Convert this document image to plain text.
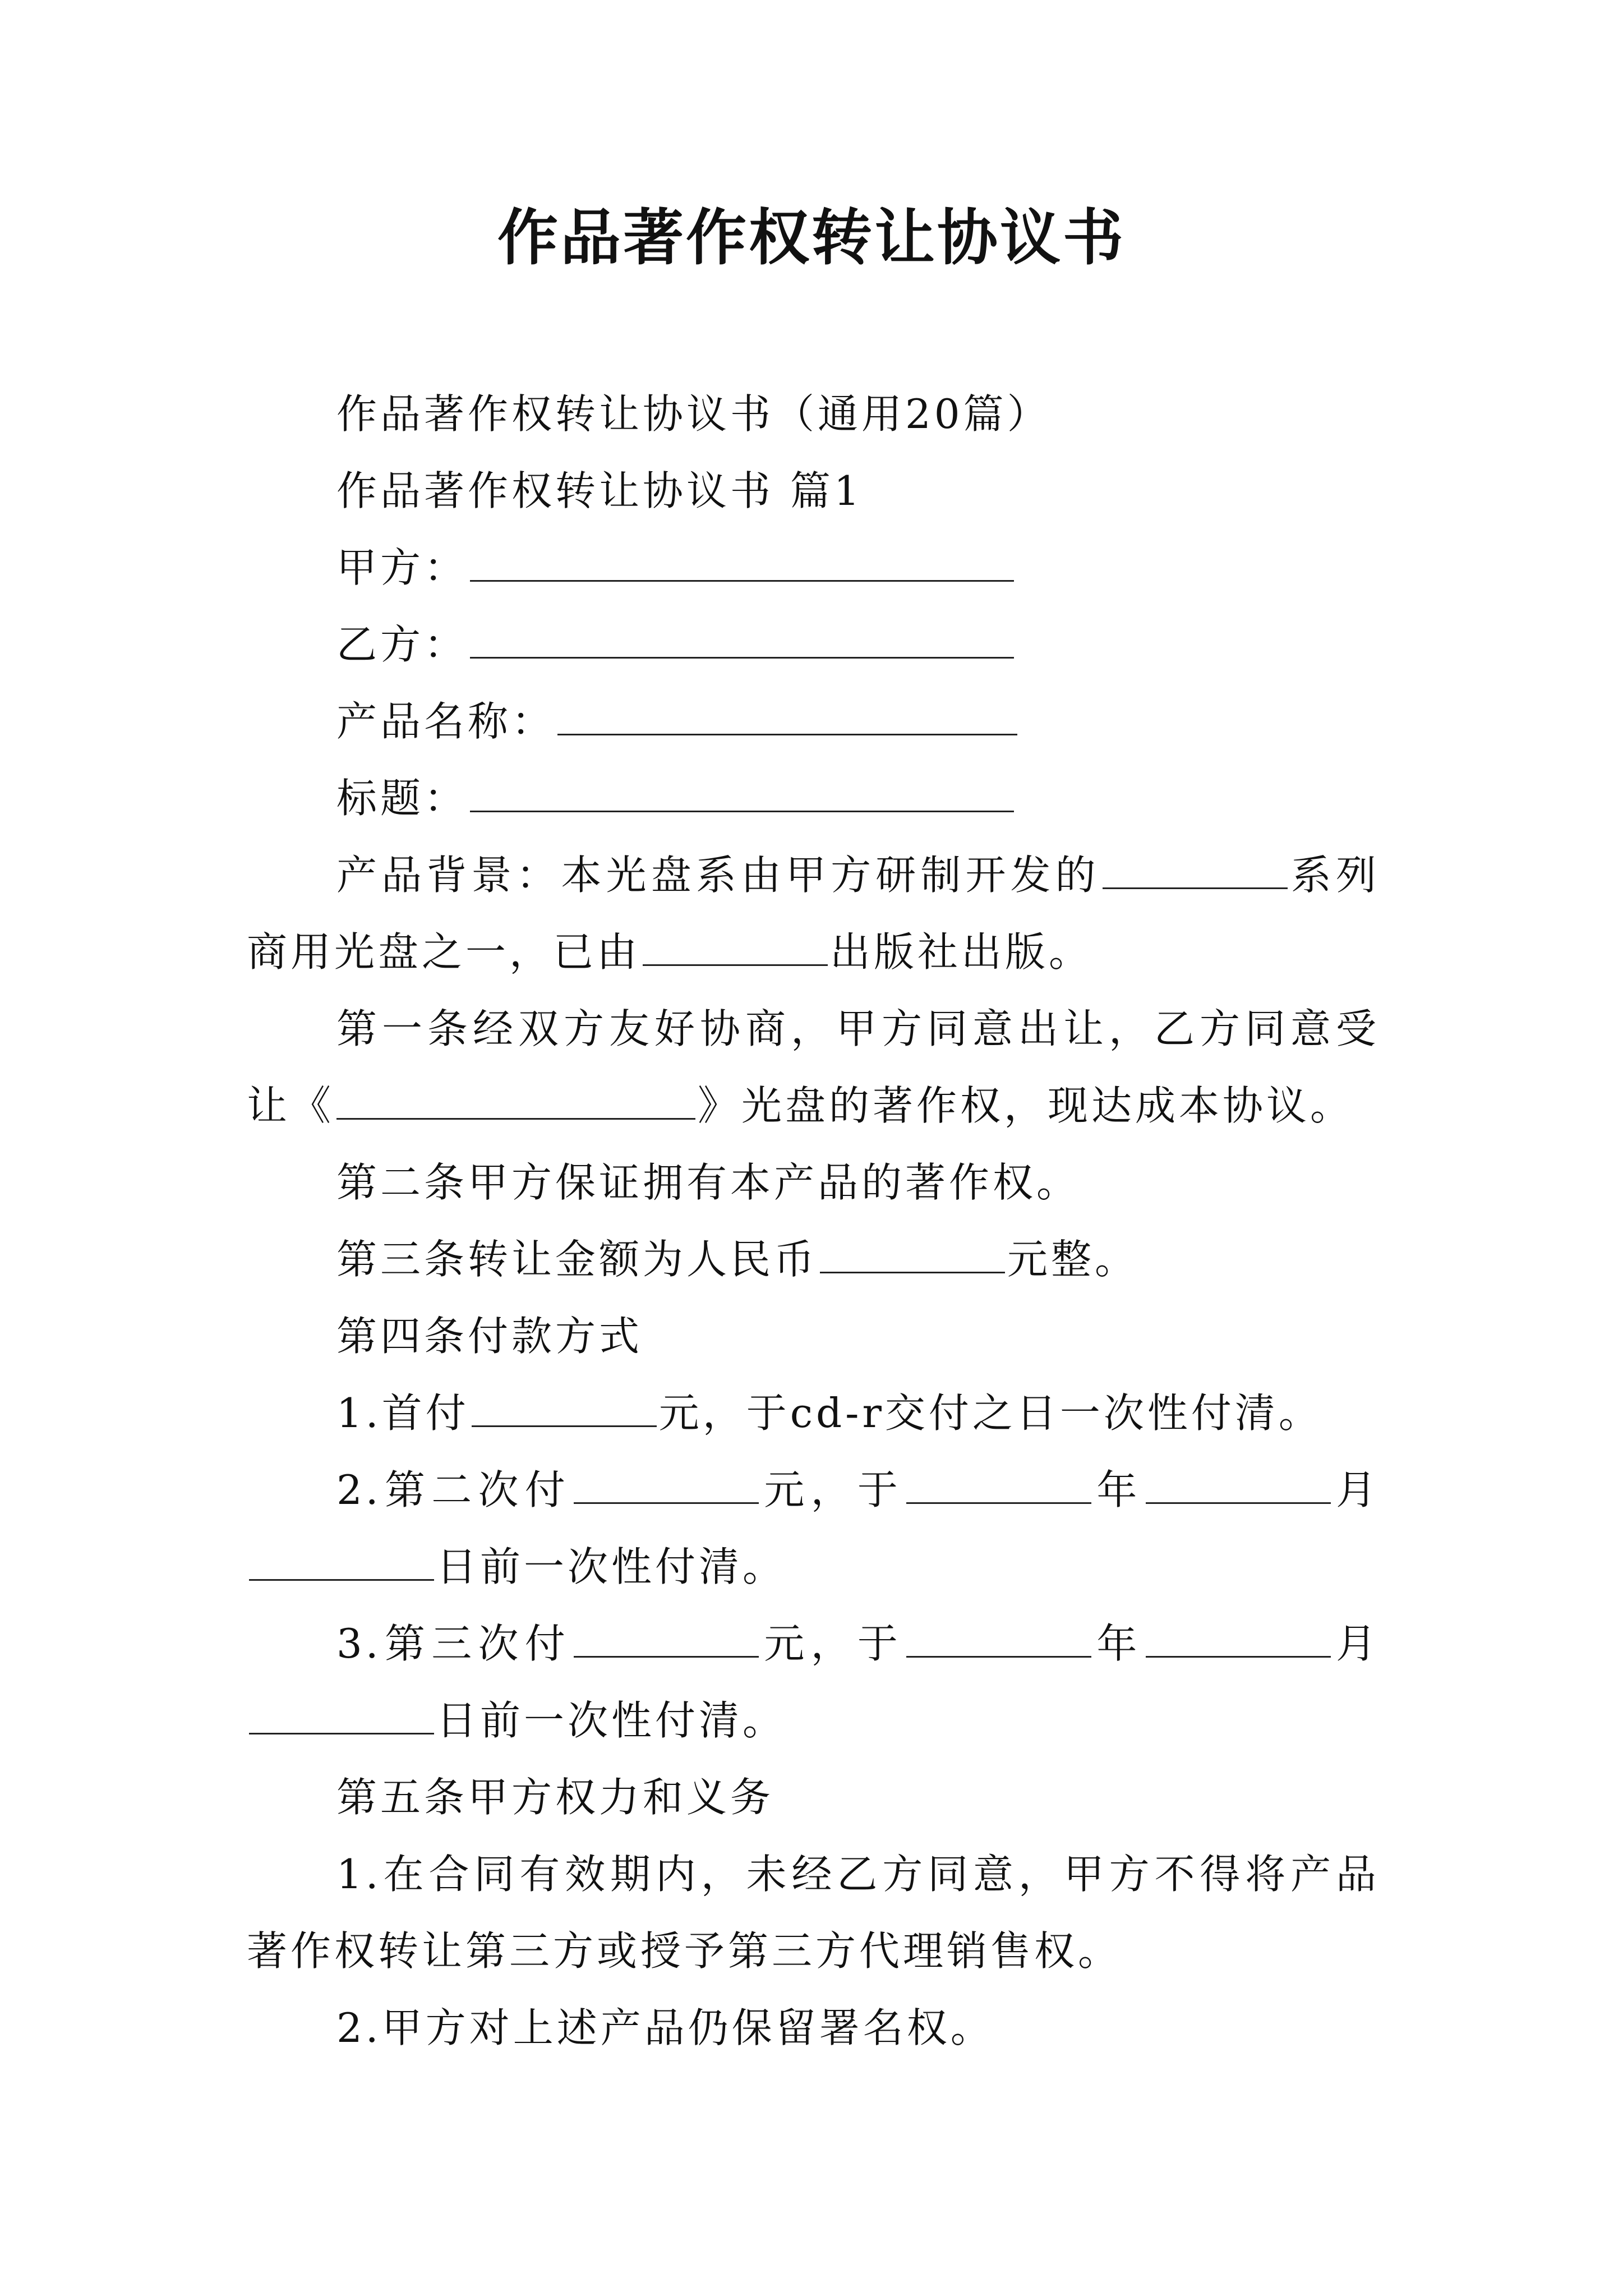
作品著作权转让协议书

作品著作权转让协议书（通用20篇）

作品著作权转让协议书 篇1

甲方：

乙方：

产品名称：

标题：

产品背景：本光盘系由甲方研制开发的	系列商用光盘之一，已由	出版社出版。

第一条经双方友好协商，甲方同意出让，乙方同意受让《	》光盘的著作权，现达成本协议。

第二条甲方保证拥有本产品的著作权。

第三条转让金额为人民币	元整。

第四条付款方式

1.首付	元，于cd-r交付之日一次性付清。

2.第二次付	元，于	年	月日前一次性付清。

3.第三次付	元，于	年	月日前一次性付清。

第五条甲方权力和义务

1.在合同有效期内，未经乙方同意，甲方不得将产品著作权转让第三方或授予第三方代理销售权。

2.甲方对上述产品仍保留署名权。
